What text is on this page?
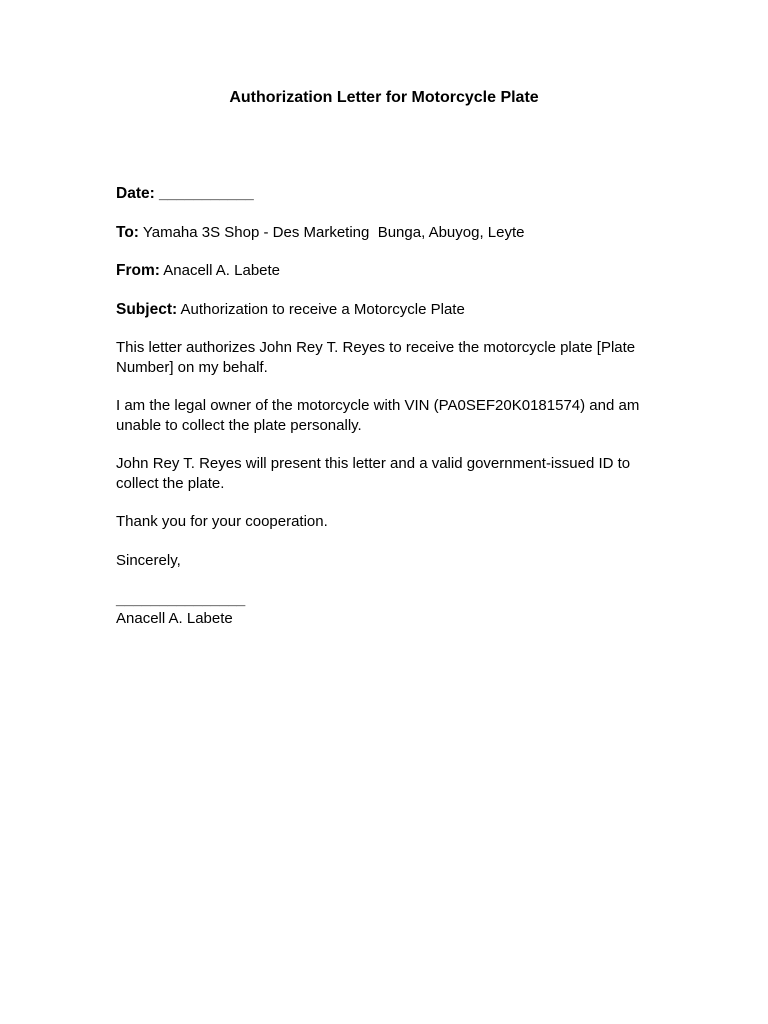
Authorization Letter for Motorcycle Plate

Date: ___________

To: Yamaha 3S Shop - Des Marketing  Bunga, Abuyog, Leyte

From: Anacell A. Labete

Subject: Authorization to receive a Motorcycle Plate

This letter authorizes John Rey T. Reyes to receive the motorcycle plate [Plate Number] on my behalf.

I am the legal owner of the motorcycle with VIN (PA0SEF20K0181574) and am unable to collect the plate personally.

John Rey T. Reyes will present this letter and a valid government-issued ID to collect the plate.

Thank you for your cooperation.

Sincerely,

_______________

Anacell A. Labete
